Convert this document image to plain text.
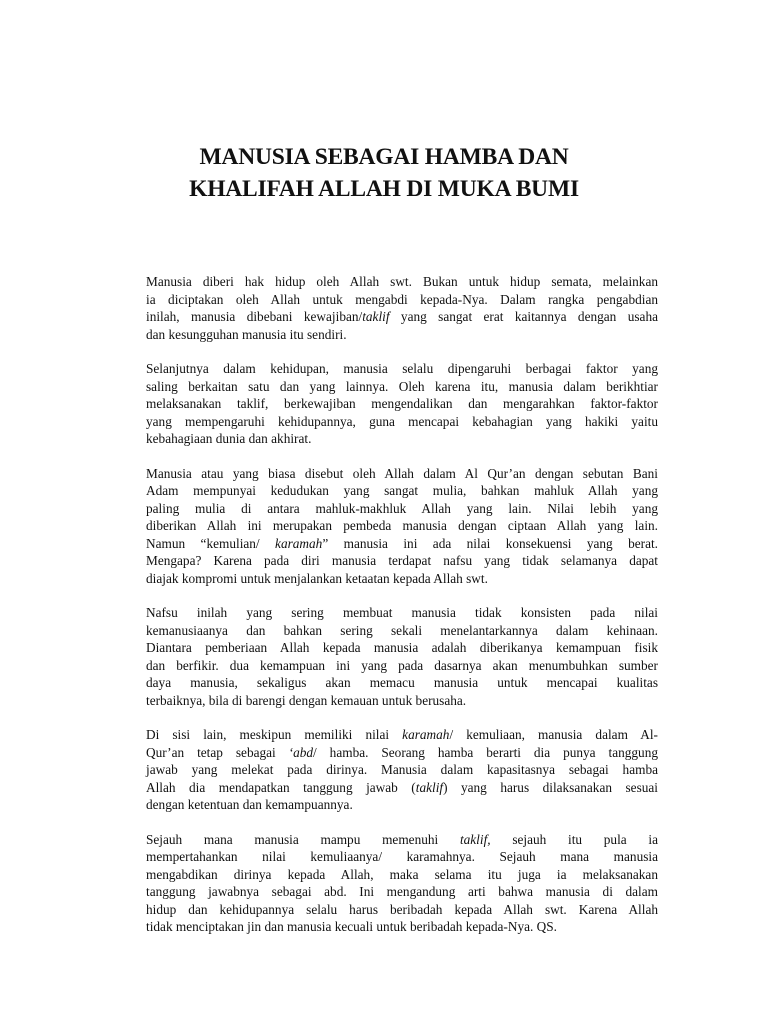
MANUSIA SEBAGAI HAMBA DAN
KHALIFAH ALLAH DI MUKA BUMI

Manusia diberi hak hidup oleh Allah swt. Bukan untuk hidup semata, melainkan
ia diciptakan oleh Allah untuk mengabdi kepada-Nya. Dalam rangka pengabdian
inilah, manusia dibebani kewajiban/taklif yang sangat erat kaitannya dengan usaha
dan kesungguhan manusia itu sendiri.

Selanjutnya dalam kehidupan, manusia selalu dipengaruhi berbagai faktor yang
saling berkaitan satu dan yang lainnya. Oleh karena itu, manusia dalam berikhtiar
melaksanakan taklif, berkewajiban mengendalikan dan mengarahkan faktor-faktor
yang mempengaruhi kehidupannya, guna mencapai kebahagian yang hakiki yaitu
kebahagiaan dunia dan akhirat.

Manusia atau yang biasa disebut oleh Allah dalam Al Qur’an dengan sebutan Bani
Adam mempunyai kedudukan yang sangat mulia, bahkan mahluk Allah yang
paling mulia di antara mahluk-makhluk Allah yang lain. Nilai lebih yang
diberikan Allah ini merupakan pembeda manusia dengan ciptaan Allah yang lain.
Namun “kemulian/ karamah” manusia ini ada nilai konsekuensi yang berat.
Mengapa? Karena pada diri manusia terdapat nafsu yang tidak selamanya dapat
diajak kompromi untuk menjalankan ketaatan kepada Allah swt.

Nafsu inilah yang sering membuat manusia tidak konsisten pada nilai
kemanusiaanya dan bahkan sering sekali menelantarkannya dalam kehinaan.
Diantara pemberiaan Allah kepada manusia adalah diberikanya kemampuan fisik
dan berfikir. dua kemampuan ini yang pada dasarnya akan menumbuhkan sumber
daya manusia, sekaligus akan memacu manusia untuk mencapai kualitas
terbaiknya, bila di barengi dengan kemauan untuk berusaha.

Di sisi lain, meskipun memiliki nilai karamah/ kemuliaan, manusia dalam Al-
Qur’an tetap sebagai ‘abd/ hamba. Seorang hamba berarti dia punya tanggung
jawab yang melekat pada dirinya. Manusia dalam kapasitasnya sebagai hamba
Allah dia mendapatkan tanggung jawab (taklif) yang harus dilaksanakan sesuai
dengan ketentuan dan kemampuannya.

Sejauh mana manusia mampu memenuhi taklif, sejauh itu pula ia
mempertahankan nilai kemuliaanya/ karamahnya. Sejauh mana manusia
mengabdikan dirinya kepada Allah, maka selama itu juga ia melaksanakan
tanggung jawabnya sebagai abd. Ini mengandung arti bahwa manusia di dalam
hidup dan kehidupannya selalu harus beribadah kepada Allah swt. Karena Allah
tidak menciptakan jin dan manusia kecuali untuk beribadah kepada-Nya. QS.
